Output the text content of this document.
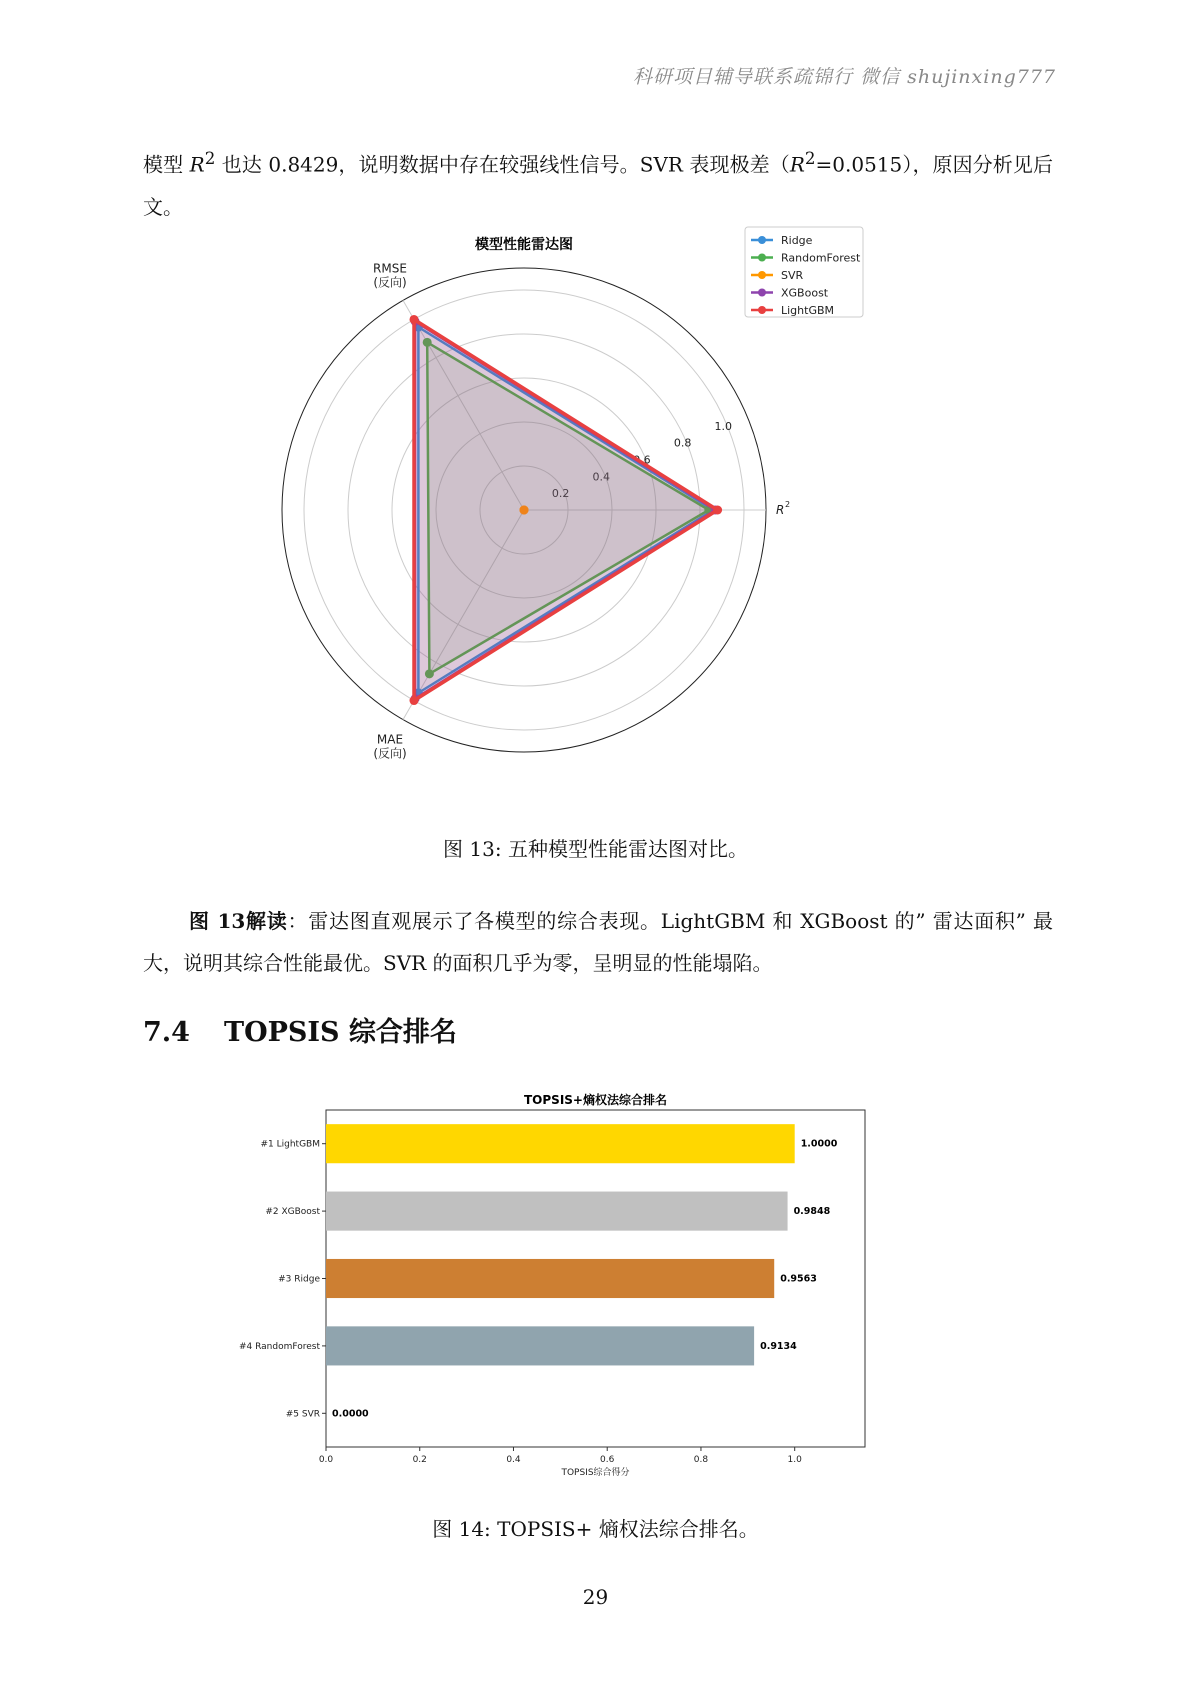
科研项目辅导联系疏锦行 微信 shujinxing777
模型 $R^2$ 也达 0.8429，说明数据中存在较强线性信号。SVR 表现极差$(R^2=0.0515)$，原因分析见后文。
模型性能雷达图
0.2
0.4
0.6
0.8
1.0
R 2
RMSE
(反向)
MAE
(反向)
Ridge
RandomForest
SVR
XGBoost
LightGBM
图 13: 五种模型性能雷达图对比。
图 13解读：雷达图直观展示了各模型的综合表现。LightGBM 和 XGBoost 的” 雷达面积” 最大，说明其综合性能最优。SVR 的面积几乎为零，呈明显的性能塌陷。
7.4 TOPSIS 综合排名
TOPSIS+熵权法综合排名
#1 LightGBM	1.0000
#2 XGBoost	0.9848
#3 Ridge	0.9563
#4 RandomForest	0.9134
#5 SVR 0.0000
0.0	0.2	0.4	0.6	0.8	1.0
TOPSIS综合得分
图 14: TOPSIS+ 熵权法综合排名。
29
